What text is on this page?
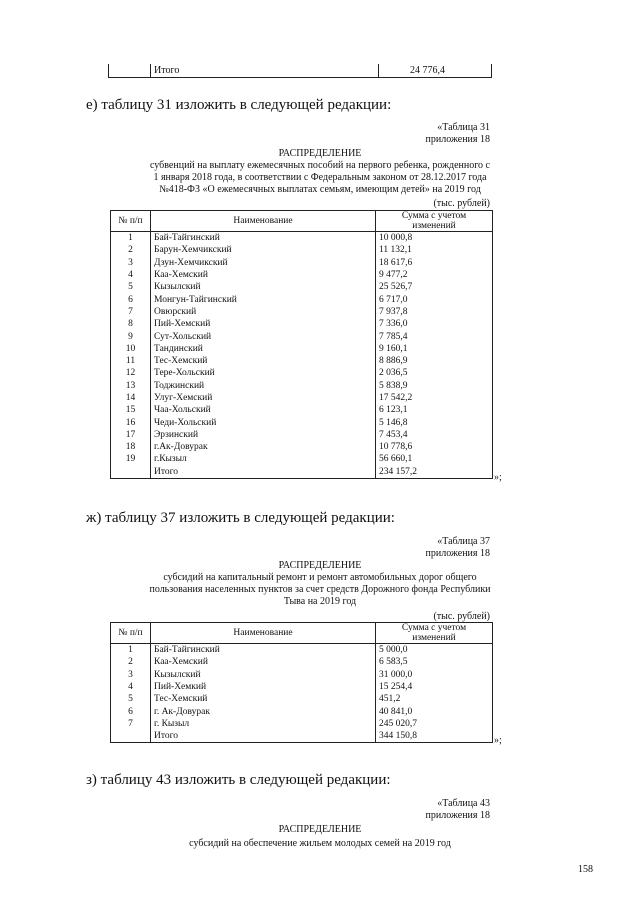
Итого	24 776,4
е) таблицу 31 изложить в следующей редакции:
«Таблица 31
приложения 18
РАСПРЕДЕЛЕНИЕ
субвенций на выплату ежемесячных пособий на первого ребенка, рожденного с
1 января 2018 года, в соответствии с Федеральным законом от 28.12.2017 года
№418-ФЗ «О ежемесячных выплатах семьям, имеющим детей» на 2019 год
(тыс. рублей)
№ п/п	Наименование	Сумма с учетом
изменений

1	Бай-Тайгинский	10 000,8
2	Барун-Хемчикский	11 132,1
3	Дзун-Хемчикский	18 617,6
4	Каа-Хемский	9 477,2
5	Кызылский	25 526,7
6	Монгун-Тайгинский	6 717,0
7	Овюрский	7 937,8
8	Пий-Хемский	7 336,0
9	Сут-Хольский	7 785,4
10	Тандинский	9 160,1
11	Тес-Хемский	8 886,9
12	Тере-Хольский	2 036,5
13	Тоджинский	5 838,9
14	Улуг-Хемский	17 542,2
15	Чаа-Хольский	6 123,1
16	Чеди-Хольский	5 146,8
17	Эрзинский	7 453,4
18	г.Ак-Довурак	10 778,6
19	г.Кызыл	56 660,1
	Итого	234 157,2
»;
ж) таблицу 37 изложить в следующей редакции:
«Таблица 37
приложения 18
РАСПРЕДЕЛЕНИЕ
субсидий на капитальный ремонт и ремонт автомобильных дорог общего
пользования населенных пунктов за счет средств Дорожного фонда Республики
Тыва на 2019 год
(тыс. рублей)
№ п/п	Наименование	Сумма с учетом
изменений

1	Бай-Тайгинский	5 000,0
2	Каа-Хемский	6 583,5
3	Кызылский	31 000,0
4	Пий-Хемкий	15 254,4
5	Тес-Хемский	451,2
6	г. Ак-Довурак	40 841,0
7	г. Кызыл	245 020,7
	Итого	344 150,8	»;
з) таблицу 43 изложить в следующей редакции:
«Таблица 43
приложения 18
РАСПРЕДЕЛЕНИЕ
субсидий на обеспечение жильем молодых семей на 2019 год
158
